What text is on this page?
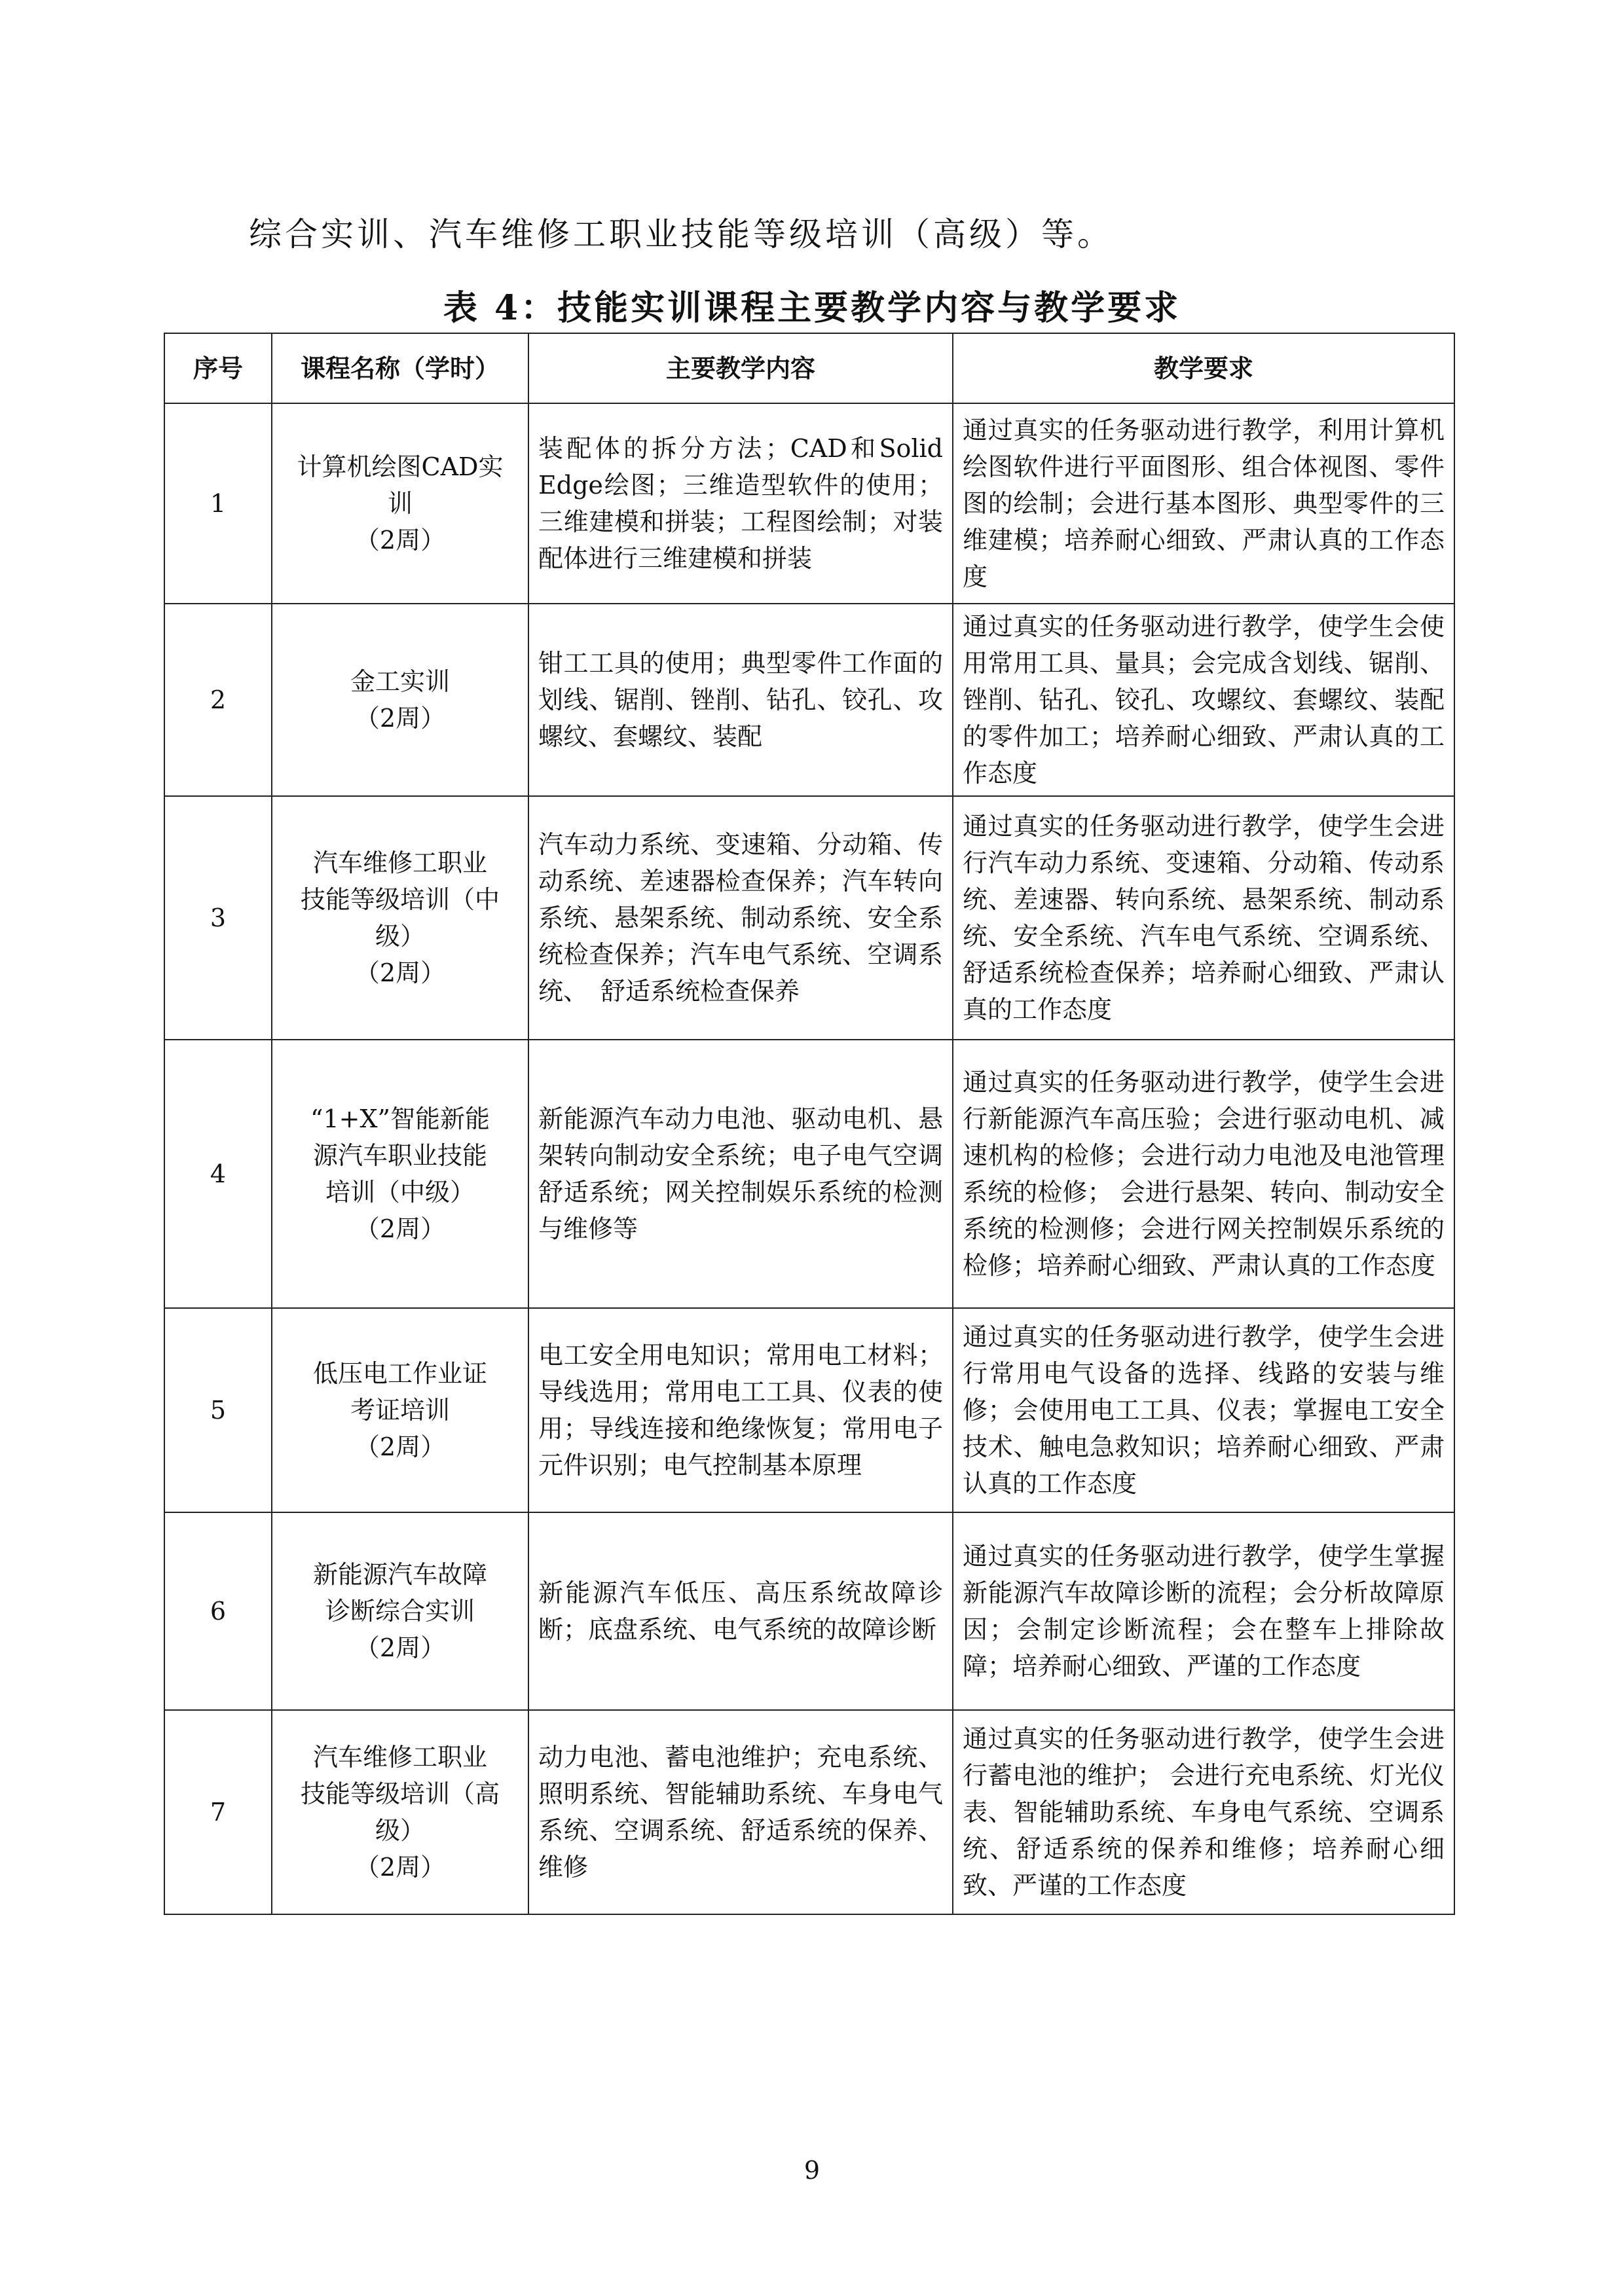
综合实训、汽车维修工职业技能等级培训（高级）等。
表 4：技能实训课程主要教学内容与教学要求
序号	课程名称（学时）	主要教学内容	教学要求
1	计算机绘图CAD实
训
（2周）	装配体的拆分方法；CAD和Solid Edge绘图；三维造型软件的使用；三维建模和拼装；工程图绘制；对装配体进行三维建模和拼装	通过真实的任务驱动进行教学，利用计算机绘图软件进行平面图形、组合体视图、零件图的绘制；会进行基本图形、典型零件的三维建模；培养耐心细致、严肃认真的工作态度
2	金工实训
（2周）	钳工工具的使用；典型零件工作面的划线、锯削、锉削、钻孔、铰孔、攻螺纹、套螺纹、装配	通过真实的任务驱动进行教学，使学生会使用常用工具、量具；会完成含划线、锯削、锉削、钻孔、铰孔、攻螺纹、套螺纹、装配的零件加工；培养耐心细致、严肃认真的工作态度
3	汽车维修工职业
技能等级培训（中
级）
（2周）	汽车动力系统、变速箱、分动箱、传动系统、差速器检查保养；汽车转向系统、悬架系统、制动系统、安全系统检查保养；汽车电气系统、空调系统、　舒适系统检查保养	通过真实的任务驱动进行教学，使学生会进行汽车动力系统、变速箱、分动箱、传动系统、差速器、转向系统、悬架系统、制动系统、安全系统、汽车电气系统、空调系统、舒适系统检查保养；培养耐心细致、严肃认真的工作态度
4	“1+X”智能新能
源汽车职业技能
培训（中级）
（2周）	新能源汽车动力电池、驱动电机、悬架转向制动安全系统；电子电气空调舒适系统；网关控制娱乐系统的检测与维修等	通过真实的任务驱动进行教学，使学生会进行新能源汽车高压验；会进行驱动电机、减速机构的检修；会进行动力电池及电池管理系统的检修； 会进行悬架、转向、制动安全系统的检测修；会进行网关控制娱乐系统的检修；培养耐心细致、严肃认真的工作态度
5	低压电工作业证
考证培训
（2周）	电工安全用电知识；常用电工材料；导线选用；常用电工工具、仪表的使用；导线连接和绝缘恢复；常用电子元件识别；电气控制基本原理	通过真实的任务驱动进行教学，使学生会进行常用电气设备的选择、线路的安装与维修；会使用电工工具、仪表；掌握电工安全技术、触电急救知识；培养耐心细致、严肃认真的工作态度
6	新能源汽车故障
诊断综合实训
（2周）	新能源汽车低压、高压系统故障诊断；底盘系统、电气系统的故障诊断	通过真实的任务驱动进行教学，使学生掌握新能源汽车故障诊断的流程；会分析故障原因；会制定诊断流程；会在整车上排除故障；培养耐心细致、严谨的工作态度
7	汽车维修工职业
技能等级培训（高
级）
（2周）	动力电池、蓄电池维护；充电系统、照明系统、智能辅助系统、车身电气系统、空调系统、舒适系统的保养、维修	通过真实的任务驱动进行教学，使学生会进行蓄电池的维护； 会进行充电系统、灯光仪表、智能辅助系统、车身电气系统、空调系统、舒适系统的保养和维修；培养耐心细致、严谨的工作态度
9
